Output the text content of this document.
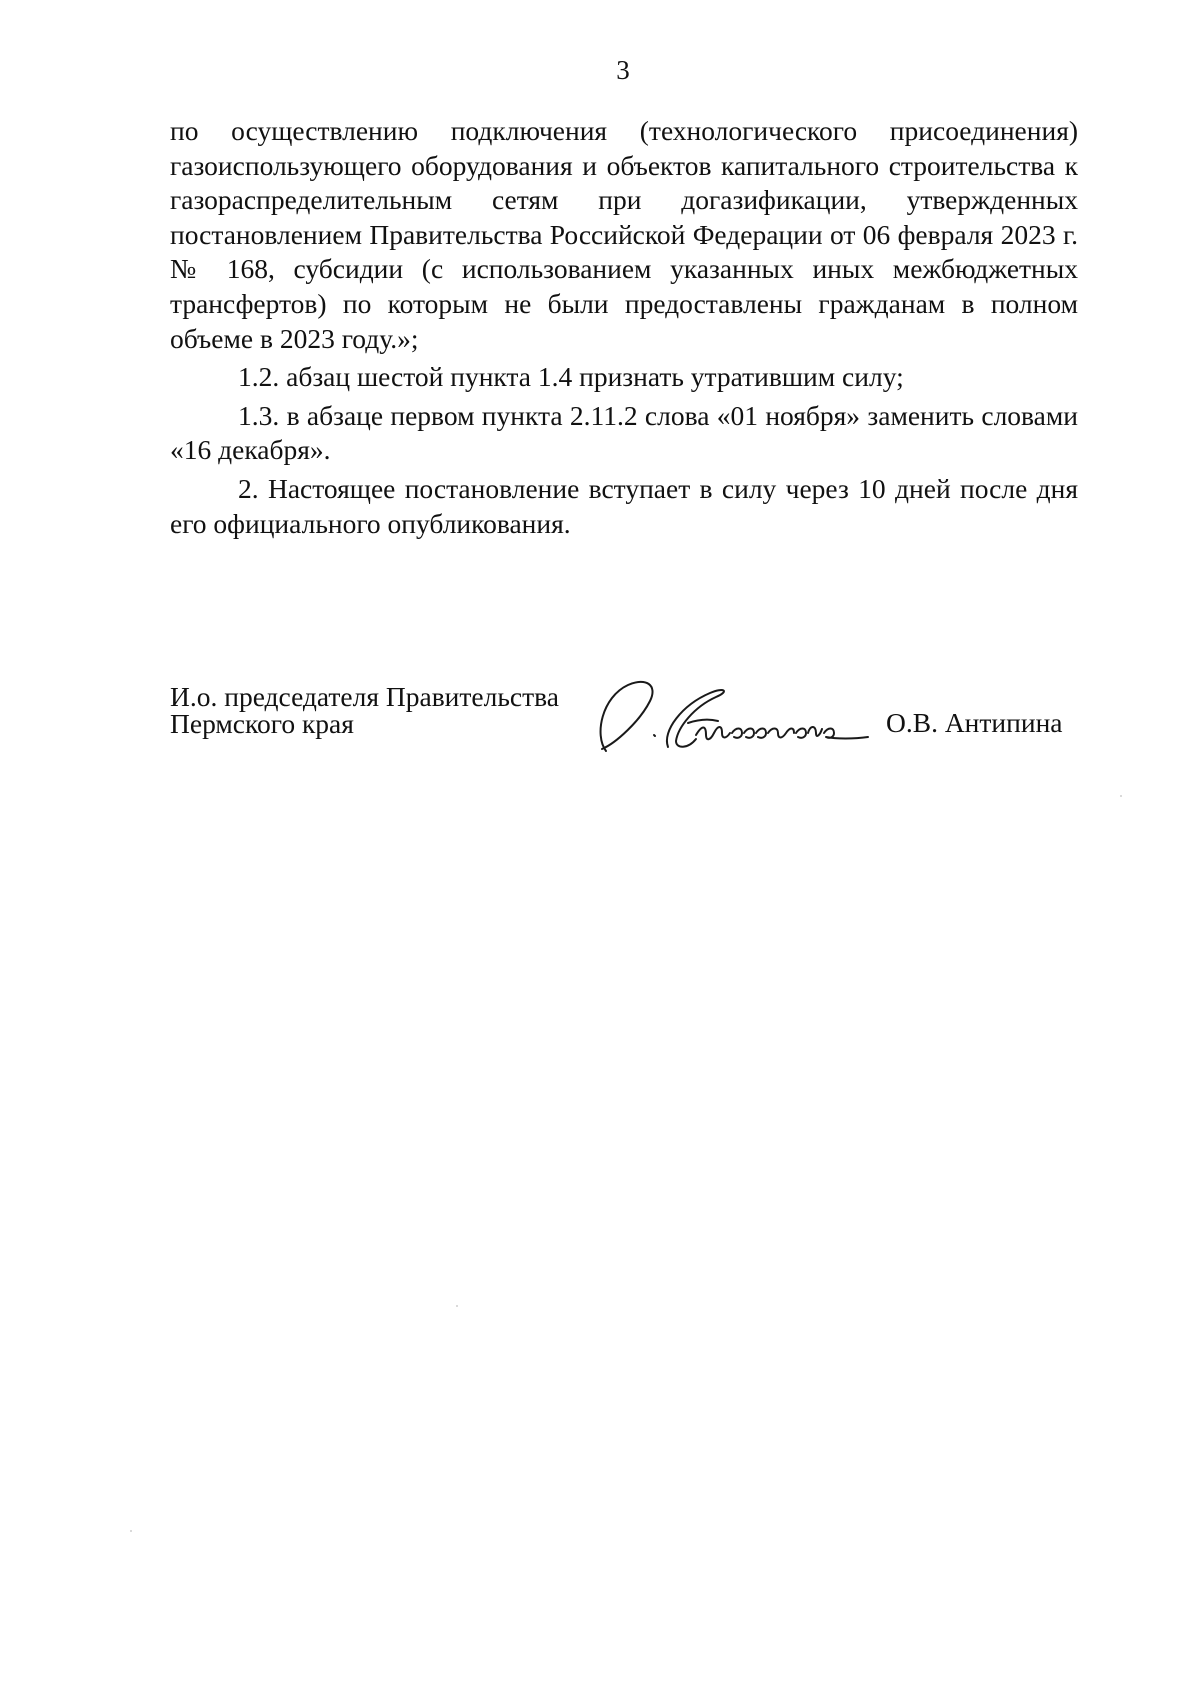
3

по осуществлению подключения (технологического присоединения) газоиспользующего оборудования и объектов капитального строительства к газораспределительным сетям при догазификации, утвержденных постановлением Правительства Российской Федерации от 06 февраля 2023 г. № 168, субсидии (с использованием указанных иных межбюджетных трансфертов) по которым не были предоставлены гражданам в полном объеме в 2023 году.»;

1.2. абзац шестой пункта 1.4 признать утратившим силу;

1.3. в абзаце первом пункта 2.11.2 слова «01 ноября» заменить словами «16 декабря».

2. Настоящее постановление вступает в силу через 10 дней после дня его официального опубликования.

И.о. председателя Правительства
Пермского края	О.В. Антипина
